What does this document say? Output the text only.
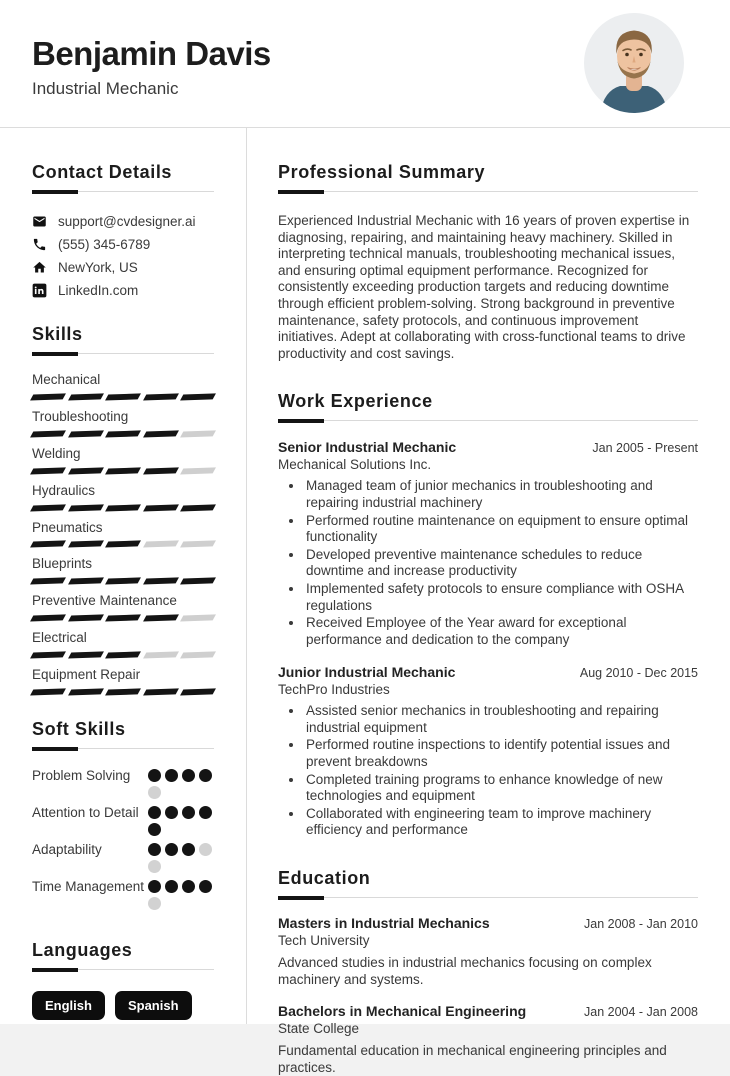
Benjamin Davis
Industrial Mechanic
Contact Details
support@cvdesigner.ai
(555) 345-6789
NewYork, US
LinkedIn.com
Skills
Mechanical
Troubleshooting
Welding
Hydraulics
Pneumatics
Blueprints
Preventive Maintenance
Electrical
Equipment Repair
Soft Skills
Problem Solving
Attention to Detail
Adaptability
Time Management
Languages
English	Spanish
Professional Summary

Experienced Industrial Mechanic with 16 years of proven expertise in diagnosing, repairing, and maintaining heavy machinery. Skilled in interpreting technical manuals, troubleshooting mechanical issues, and ensuring optimal equipment performance. Recognized for consistently exceeding production targets and reducing downtime through efficient problem-solving. Strong background in preventive maintenance, safety protocols, and continuous improvement initiatives. Adept at collaborating with cross-functional teams to drive productivity and cost savings.

Work Experience
Senior Industrial Mechanic	Jan 2005 - Present
Mechanical Solutions Inc.
• Managed team of junior mechanics in troubleshooting and repairing industrial machinery
• Performed routine maintenance on equipment to ensure optimal functionality
• Developed preventive maintenance schedules to reduce downtime and increase productivity
• Implemented safety protocols to ensure compliance with OSHA regulations
• Received Employee of the Year award for exceptional performance and dedication to the company
Junior Industrial Mechanic	Aug 2010 - Dec 2015
TechPro Industries
• Assisted senior mechanics in troubleshooting and repairing industrial equipment
• Performed routine inspections to identify potential issues and prevent breakdowns
• Completed training programs to enhance knowledge of new technologies and equipment
• Collaborated with engineering team to improve machinery efficiency and performance
Education
Masters in Industrial Mechanics	Jan 2008 - Jan 2010
Tech University

Advanced studies in industrial mechanics focusing on complex machinery and systems.

Bachelors in Mechanical Engineering	Jan 2004 - Jan 2008
State College

Fundamental education in mechanical engineering principles and practices.
